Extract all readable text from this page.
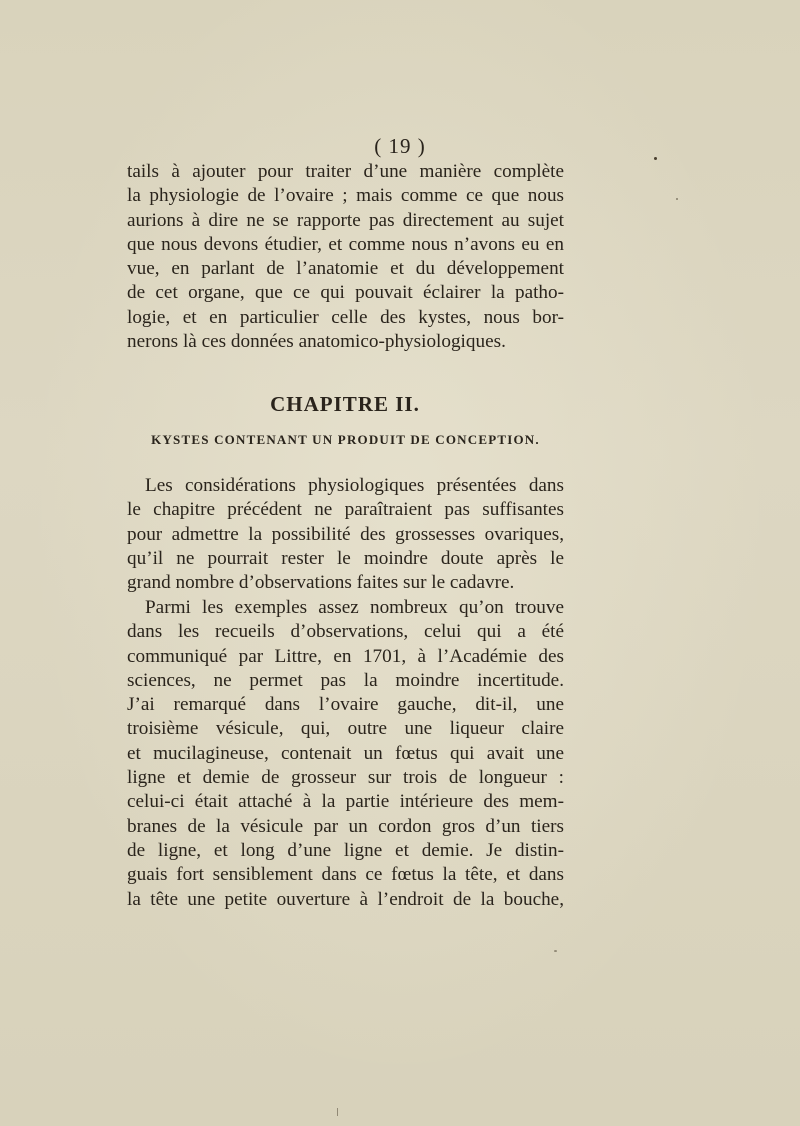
( 19 )
tails à ajouter pour traiter d’une manière complète
la physiologie de l’ovaire ; mais comme ce que nous
aurions à dire ne se rapporte pas directement au sujet
que nous devons étudier, et comme nous n’avons eu en
vue, en parlant de l’anatomie et du développement
de cet organe, que ce qui pouvait éclairer la patho-
logie, et en particulier celle des kystes, nous bor-
nerons là ces données anatomico-physiologiques.
CHAPITRE II.
KYSTES CONTENANT UN PRODUIT DE CONCEPTION.
Les considérations physiologiques présentées dans
le chapitre précédent ne paraîtraient pas suffisantes
pour admettre la possibilité des grossesses ovariques,
qu’il ne pourrait rester le moindre doute après le
grand nombre d’observations faites sur le cadavre.
Parmi les exemples assez nombreux qu’on trouve
dans les recueils d’observations, celui qui a été
communiqué par Littre, en 1701, à l’Académie des
sciences, ne permet pas la moindre incertitude.
J’ai remarqué dans l’ovaire gauche, dit-il, une
troisième vésicule, qui, outre une liqueur claire
et mucilagineuse, contenait un fœtus qui avait une
ligne et demie de grosseur sur trois de longueur :
celui-ci était attaché à la partie intérieure des mem-
branes de la vésicule par un cordon gros d’un tiers
de ligne, et long d’une ligne et demie. Je distin-
guais fort sensiblement dans ce fœtus la tête, et dans
la tête une petite ouverture à l’endroit de la bouche,
